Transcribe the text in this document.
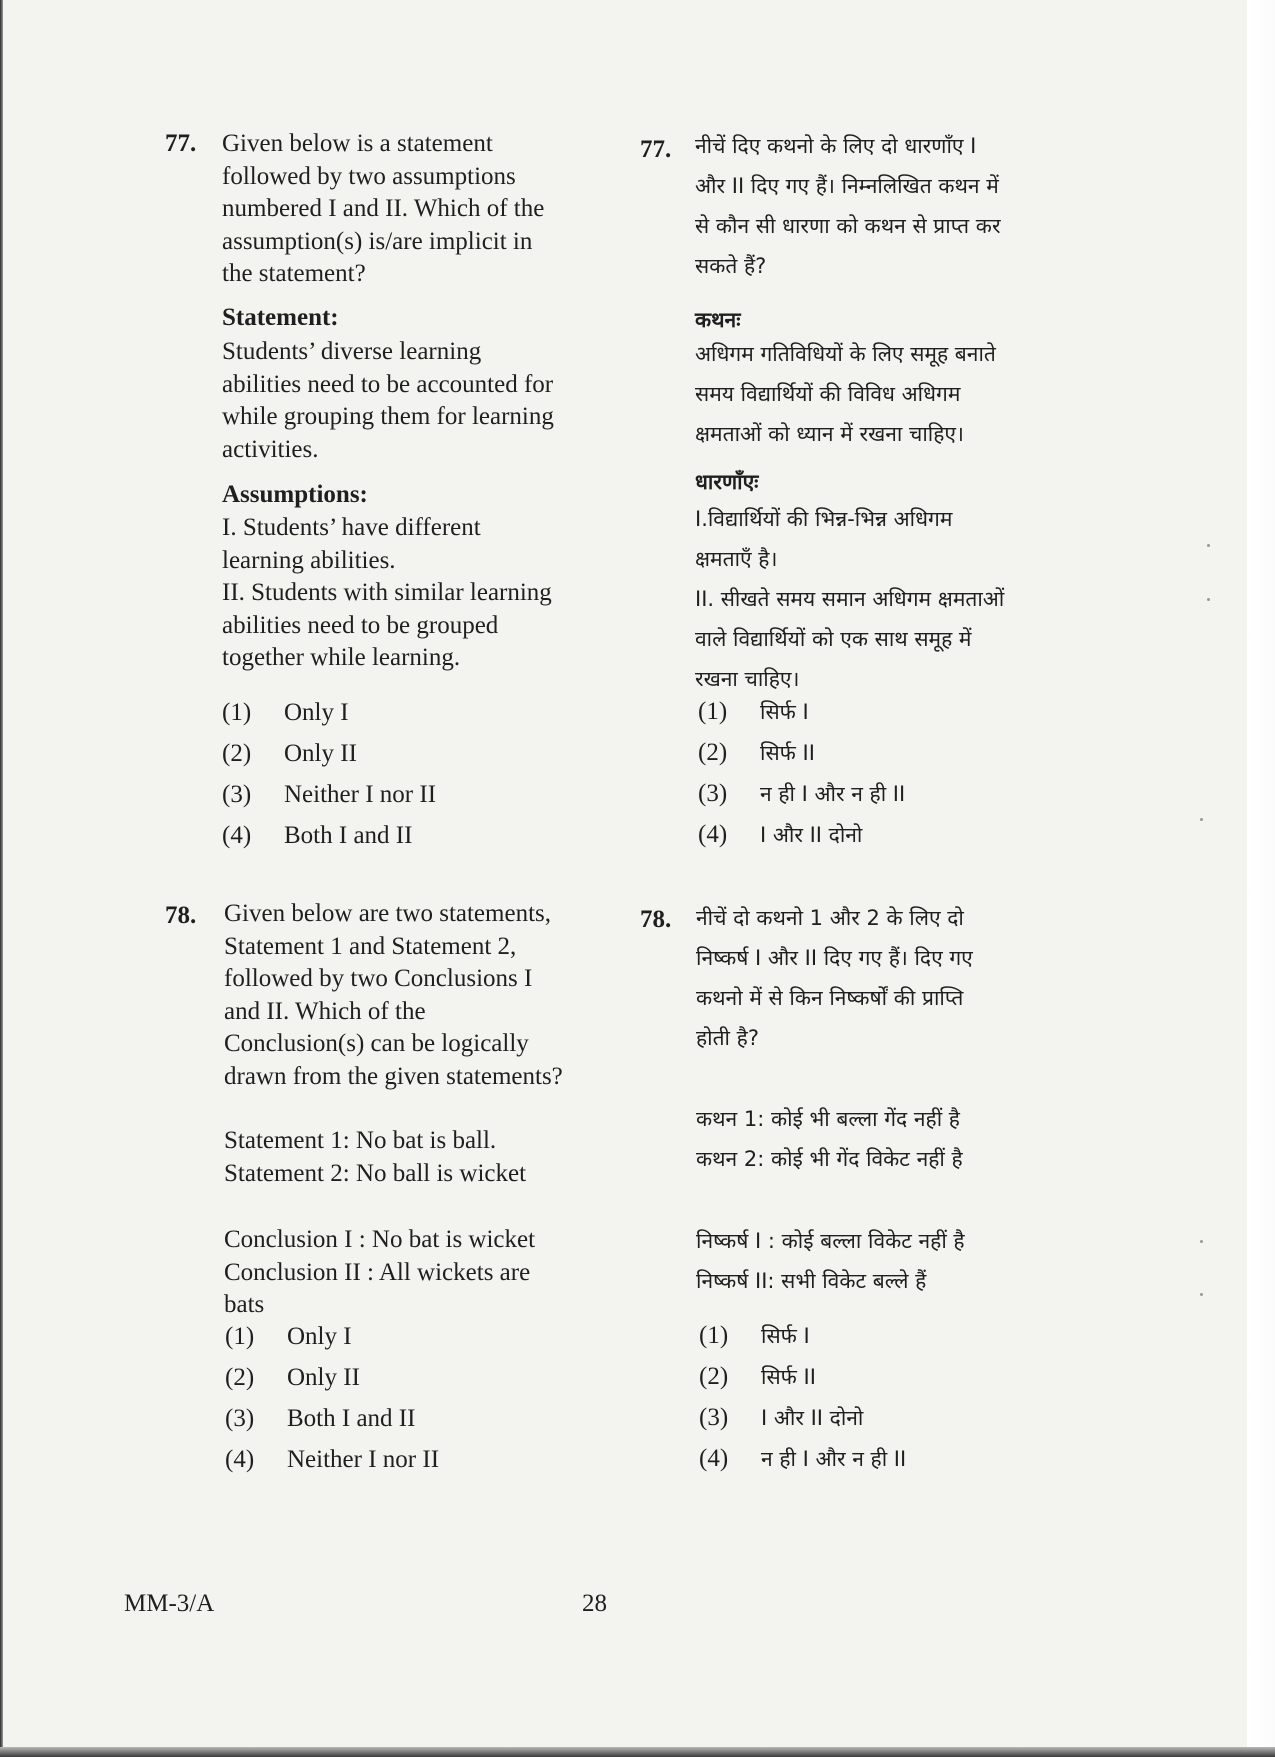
77. Given below is a statement
followed by two assumptions
numbered I and II. Which of the
assumption(s) is/are implicit in
the statement?
Statement:
Students’ diverse learning
abilities need to be accounted for
while grouping them for learning
activities.
Assumptions:
I. Students’ have different
learning abilities.
II. Students with similar learning
abilities need to be grouped
together while learning.
(1) Only I
(2) Only II
(3) Neither I nor II
(4) Both I and II
78. Given below are two statements,
Statement 1 and Statement 2,
followed by two Conclusions I
and II. Which of the
Conclusion(s) can be logically
drawn from the given statements?
Statement 1: No bat is ball.
Statement 2: No ball is wicket
Conclusion I : No bat is wicket
Conclusion II : All wickets are
bats
(1) Only I
(2) Only II
(3) Both I and II
(4) Neither I nor II
MM-3/A	28
77. नीचें दिए कथनो के लिए दो धारणाँए I
और II दिए गए हैं। निम्नलिखित कथन में
से कौन सी धारणा को कथन से प्राप्त कर
सकते हैं?
कथनः
अधिगम गतिविधियों के लिए समूह बनाते
समय विद्यार्थियों की विविध अधिगम
क्षमताओं को ध्यान में रखना चाहिए।
धारणाँएः
I.विद्यार्थियों की भिन्न-भिन्न अधिगम
क्षमताएँ है।
II. सीखते समय समान अधिगम क्षमताओं
वाले विद्यार्थियों को एक साथ समूह में
रखना चाहिए।
(1) सिर्फ I
(2) सिर्फ II
(3) न ही I और न ही II
(4) I और II दोनो
78. नीचें दो कथनो 1 और 2 के लिए दो
निष्कर्ष I और II दिए गए हैं। दिए गए
कथनो में से किन निष्कर्षों की प्राप्ति
होती है?
कथन 1: कोई भी बल्ला गेंद नहीं है
कथन 2: कोई भी गेंद विकेट नहीं है
निष्कर्ष I : कोई बल्ला विकेट नहीं है
निष्कर्ष II: सभी विकेट बल्ले हैं
(1) सिर्फ I
(2) सिर्फ II
(3) I और II दोनो
(4) न ही I और न ही II
